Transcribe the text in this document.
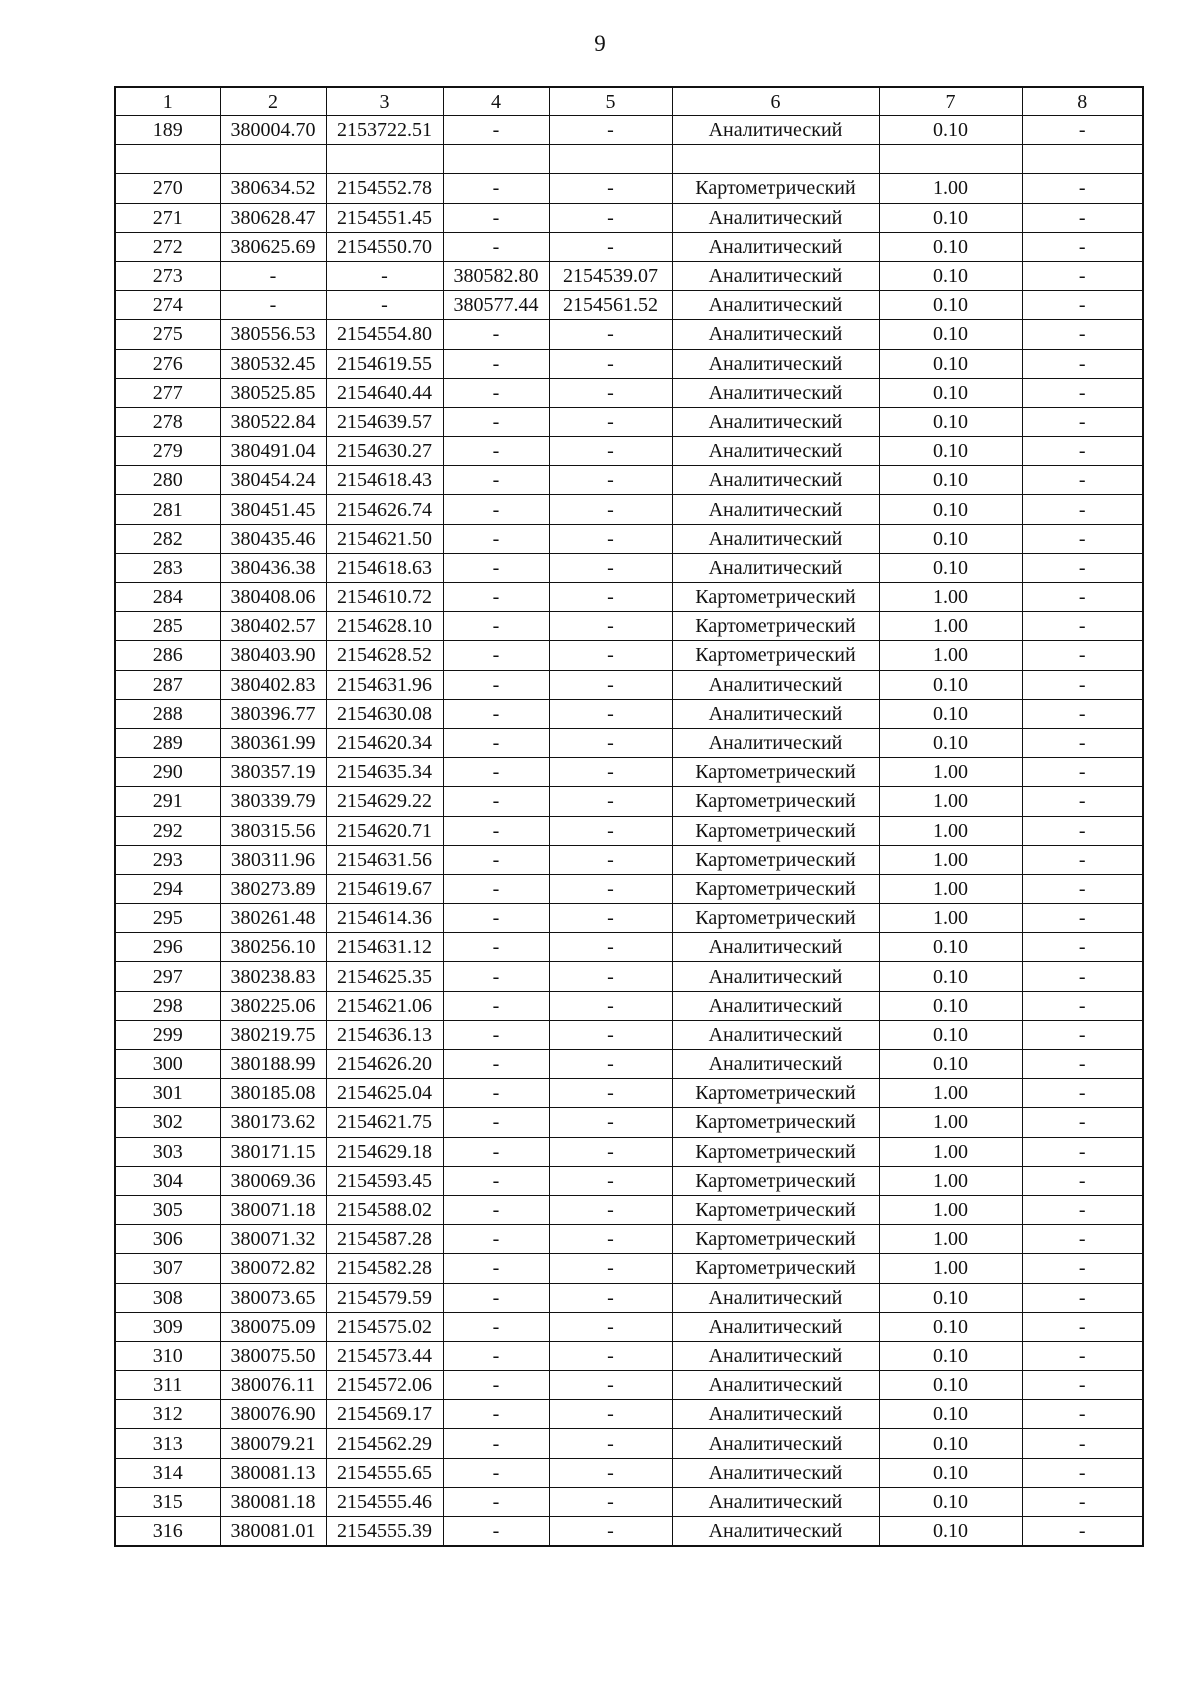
9
1	2	3	4	5	6	7	8
189	380004.70	2153722.51	-	-	Аналитический	0.10	-

270	380634.52	2154552.78	-	-	Картометрический	1.00	-
271	380628.47	2154551.45	-	-	Аналитический	0.10	-
272	380625.69	2154550.70	-	-	Аналитический	0.10	-
273	-	-	380582.80	2154539.07	Аналитический	0.10	-
274	-	-	380577.44	2154561.52	Аналитический	0.10	-
275	380556.53	2154554.80	-	-	Аналитический	0.10	-
276	380532.45	2154619.55	-	-	Аналитический	0.10	-
277	380525.85	2154640.44	-	-	Аналитический	0.10	-
278	380522.84	2154639.57	-	-	Аналитический	0.10	-
279	380491.04	2154630.27	-	-	Аналитический	0.10	-
280	380454.24	2154618.43	-	-	Аналитический	0.10	-
281	380451.45	2154626.74	-	-	Аналитический	0.10	-
282	380435.46	2154621.50	-	-	Аналитический	0.10	-
283	380436.38	2154618.63	-	-	Аналитический	0.10	-
284	380408.06	2154610.72	-	-	Картометрический	1.00	-
285	380402.57	2154628.10	-	-	Картометрический	1.00	-
286	380403.90	2154628.52	-	-	Картометрический	1.00	-
287	380402.83	2154631.96	-	-	Аналитический	0.10	-
288	380396.77	2154630.08	-	-	Аналитический	0.10	-
289	380361.99	2154620.34	-	-	Аналитический	0.10	-
290	380357.19	2154635.34	-	-	Картометрический	1.00	-
291	380339.79	2154629.22	-	-	Картометрический	1.00	-
292	380315.56	2154620.71	-	-	Картометрический	1.00	-
293	380311.96	2154631.56	-	-	Картометрический	1.00	-
294	380273.89	2154619.67	-	-	Картометрический	1.00	-
295	380261.48	2154614.36	-	-	Картометрический	1.00	-
296	380256.10	2154631.12	-	-	Аналитический	0.10	-
297	380238.83	2154625.35	-	-	Аналитический	0.10	-
298	380225.06	2154621.06	-	-	Аналитический	0.10	-
299	380219.75	2154636.13	-	-	Аналитический	0.10	-
300	380188.99	2154626.20	-	-	Аналитический	0.10	-
301	380185.08	2154625.04	-	-	Картометрический	1.00	-
302	380173.62	2154621.75	-	-	Картометрический	1.00	-
303	380171.15	2154629.18	-	-	Картометрический	1.00	-
304	380069.36	2154593.45	-	-	Картометрический	1.00	-
305	380071.18	2154588.02	-	-	Картометрический	1.00	-
306	380071.32	2154587.28	-	-	Картометрический	1.00	-
307	380072.82	2154582.28	-	-	Картометрический	1.00	-
308	380073.65	2154579.59	-	-	Аналитический	0.10	-
309	380075.09	2154575.02	-	-	Аналитический	0.10	-
310	380075.50	2154573.44	-	-	Аналитический	0.10	-
311	380076.11	2154572.06	-	-	Аналитический	0.10	-
312	380076.90	2154569.17	-	-	Аналитический	0.10	-
313	380079.21	2154562.29	-	-	Аналитический	0.10	-
314	380081.13	2154555.65	-	-	Аналитический	0.10	-
315	380081.18	2154555.46	-	-	Аналитический	0.10	-
316	380081.01	2154555.39	-	-	Аналитический	0.10	-
